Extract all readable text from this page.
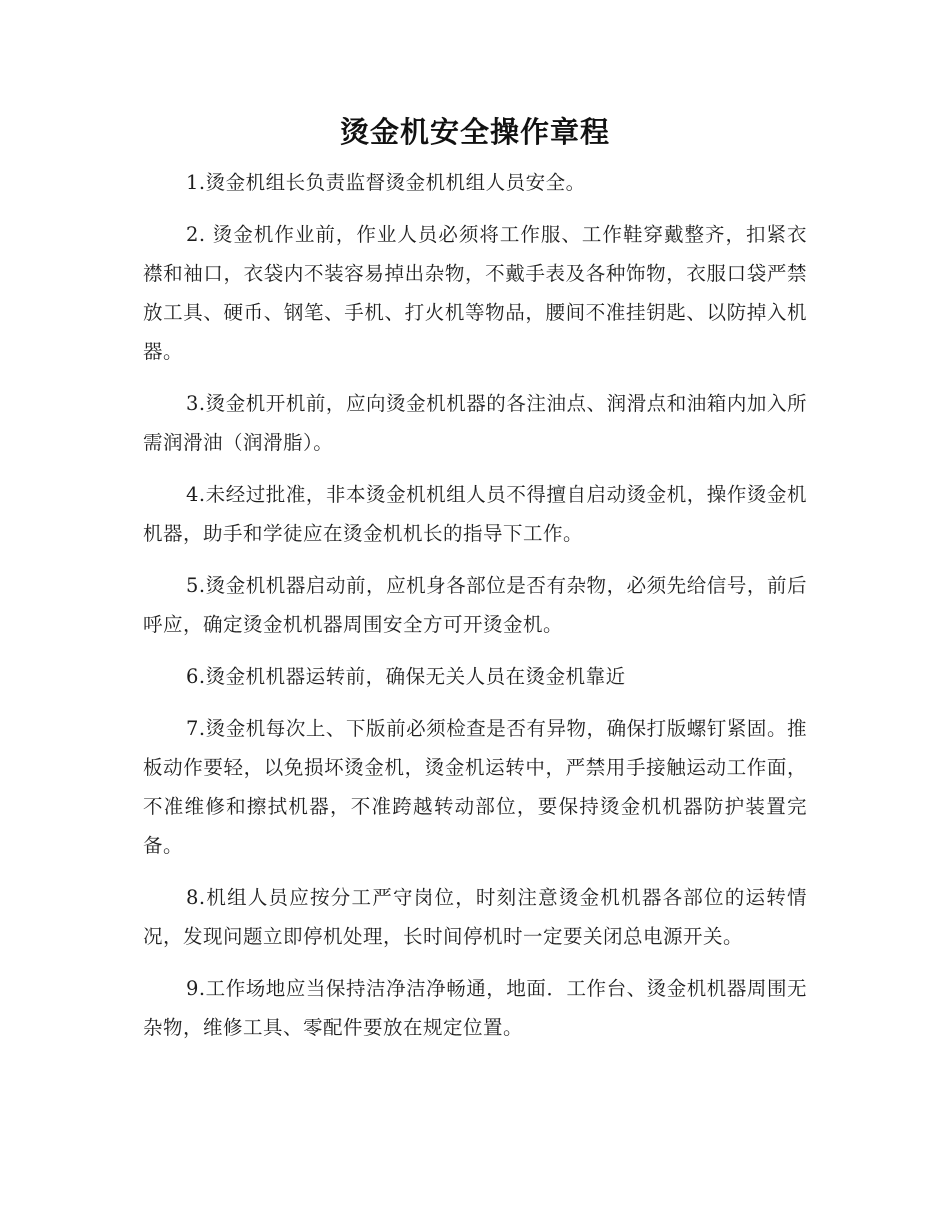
烫金机安全操作章程

1.烫金机组长负责监督烫金机机组人员安全。

2. 烫金机作业前，作业人员必须将工作服、工作鞋穿戴整齐，扣紧衣襟和袖口，衣袋内不装容易掉出杂物，不戴手表及各种饰物，衣服口袋严禁放工具、硬币、钢笔、手机、打火机等物品，腰间不准挂钥匙、以防掉入机器。

3.烫金机开机前，应向烫金机机器的各注油点、润滑点和油箱内加入所需润滑油（润滑脂）。

4.未经过批准，非本烫金机机组人员不得擅自启动烫金机，操作烫金机机器，助手和学徒应在烫金机机长的指导下工作。

5.烫金机机器启动前，应机身各部位是否有杂物，必须先给信号，前后呼应，确定烫金机机器周围安全方可开烫金机。

6.烫金机机器运转前，确保无关人员在烫金机靠近

7.烫金机每次上、下版前必须检查是否有异物，确保打版螺钉紧固。推板动作要轻，以免损坏烫金机，烫金机运转中，严禁用手接触运动工作面，不准维修和擦拭机器，不准跨越转动部位，要保持烫金机机器防护装置完备。

8.机组人员应按分工严守岗位，时刻注意烫金机机器各部位的运转情况，发现问题立即停机处理，长时间停机时一定要关闭总电源开关。

9.工作场地应当保持洁净洁净畅通，地面．工作台、烫金机机器周围无杂物，维修工具、零配件要放在规定位置。
